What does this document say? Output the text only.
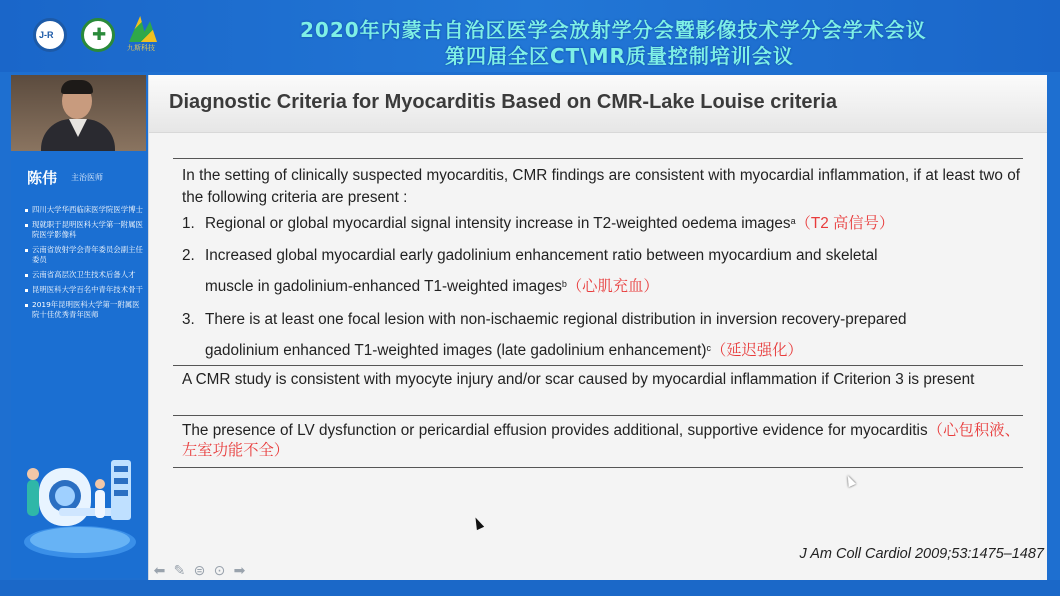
J-R ✚
九斯科技
2020年内蒙古自治区医学会放射学分会暨影像技术学分会学术会议
第四届全区CT\MR质量控制培训会议
陈伟 主治医师
四川大学华西临床医学院医学博士
现就职于昆明医科大学第一附属医院医学影像科
云南省放射学会青年委员会副主任委员
云南省高层次卫生技术后备人才
昆明医科大学百名中青年技术骨干
2019年昆明医科大学第一附属医院十佳优秀青年医师
Diagnostic Criteria for Myocarditis Based on CMR-Lake Louise criteria
In the setting of clinically suspected myocarditis, CMR findings are consistent with myocardial inflammation, if at least two of the following criteria are present :
1. Regional or global myocardial signal intensity increase in T2-weighted oedema images$^a$（T2 高信号）
2. Increased global myocardial early gadolinium enhancement ratio between myocardium and skeletal
muscle in gadolinium-enhanced T1-weighted images$^b$（心肌充血）
3. There is at least one focal lesion with non-ischaemic regional distribution in inversion recovery-prepared
gadolinium enhanced T1-weighted images (late gadolinium enhancement)$^c$（延迟强化）
A CMR study is consistent with myocyte injury and/or scar caused by myocardial inflammation if Criterion 3 is present
The presence of LV dysfunction or pericardial effusion provides additional, supportive evidence for myocarditis（心包积液、左室功能不全）
J Am Coll Cardiol 2009;53:1475–1487
⬅ ✎ ⊜ ⊙ ➡
